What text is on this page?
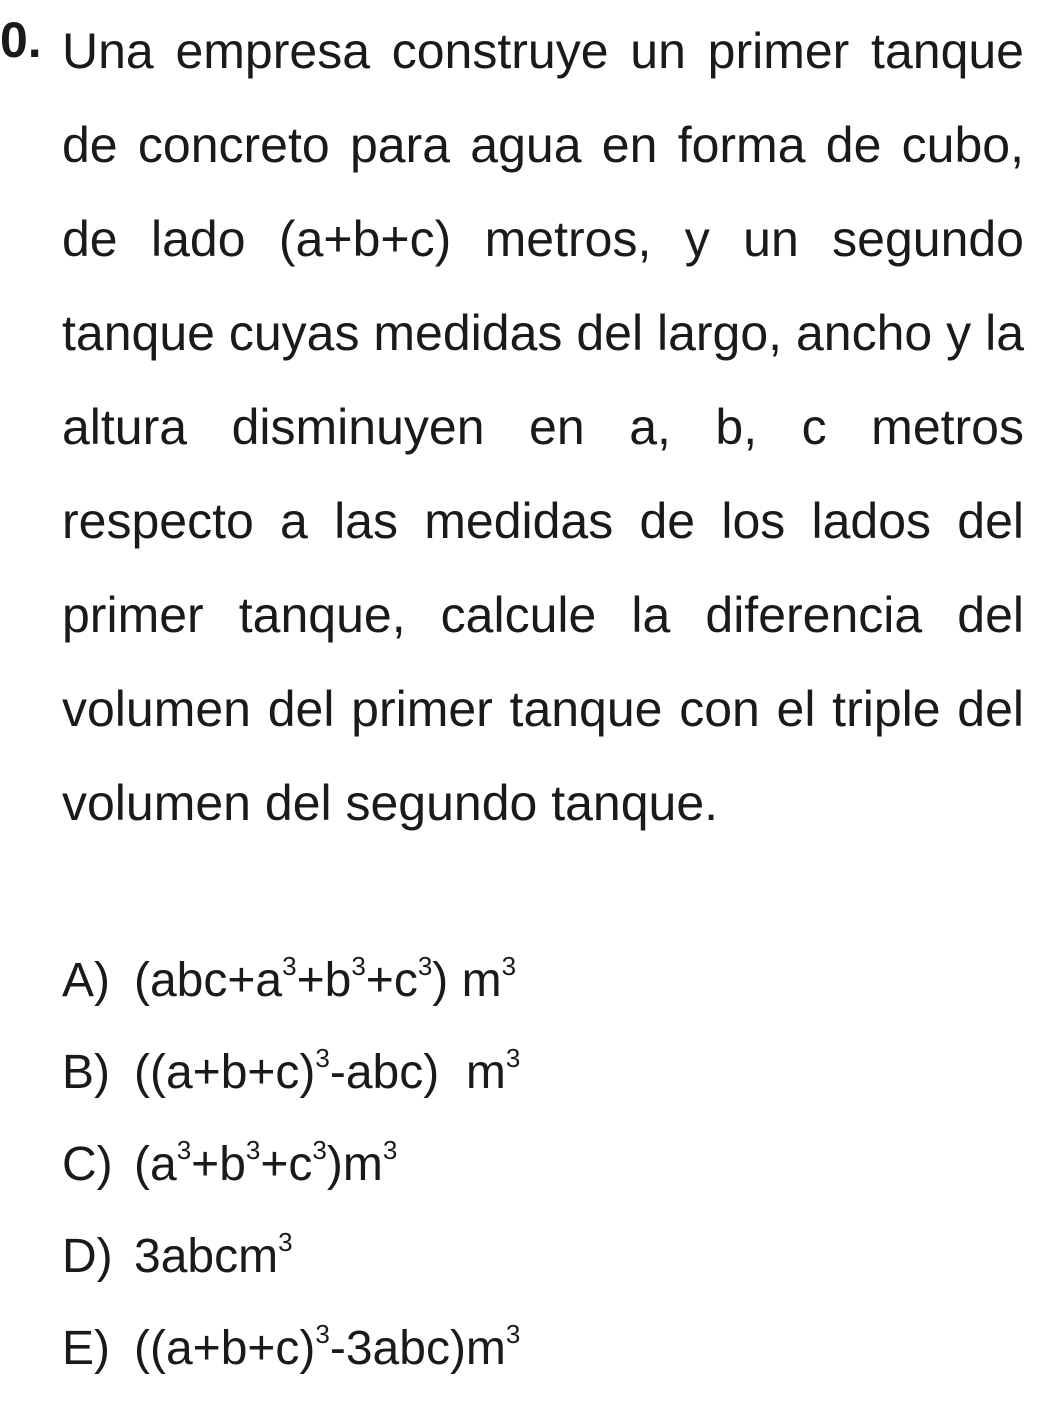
0. Una empresa construye un primer tanque de concreto para agua en forma de cubo, de lado (a+b+c) metros, y un segundo tanque cuyas medidas del largo, ancho y la altura disminuyen en a, b, c metros respecto a las medidas de los lados del primer tanque, calcule la diferencia del volumen del primer tanque con el triple del volumen del segundo tanque.

A) $(abc+a^3+b^3+c^3)$ $m^3$
B) $((a+b+c)^3-abc)$  $m^3$
C) $(a^3+b^3+c^3)m^3$
D) 3abcm$^3$
E) $((a+b+c)^3-3abc)m^3$
